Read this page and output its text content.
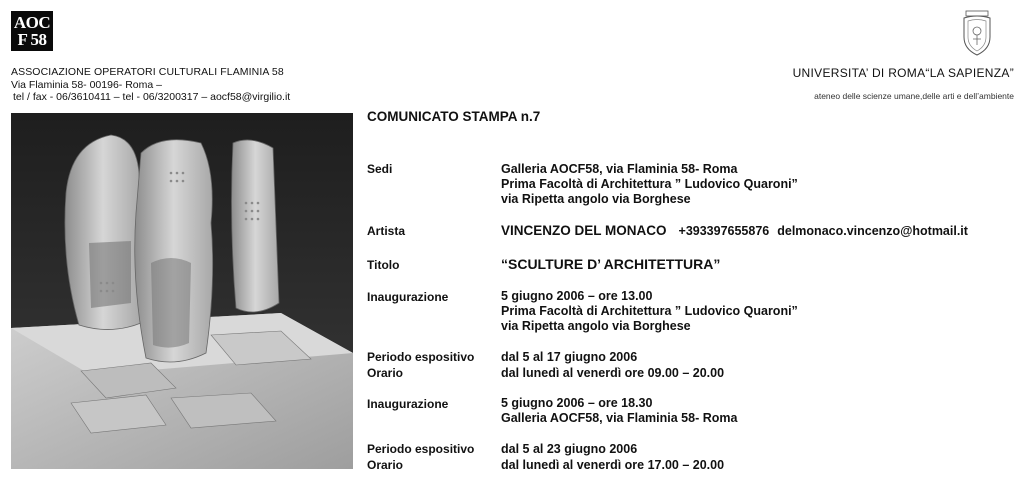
AOC
F 58
ASSOCIAZIONE OPERATORI CULTURALI FLAMINIA 58
Via Flaminia 58- 00196- Roma –
tel / fax - 06/3610411 – tel - 06/3200317 – aocf58@virgilio.it
UNIVERSITA’ DI ROMA“LA SAPIENZA”
ateneo delle scienze umane,delle arti e dell’ambiente
COMUNICATO STAMPA n.7
Sedi	Galleria AOCF58, via Flaminia 58- Roma
Prima Facoltà di Architettura ” Ludovico Quaroni”
via Ripetta angolo via Borghese
Artista	VINCENZO DEL MONACO +393397655876 delmonaco.vincenzo@hotmail.it
Titolo	“SCULTURE D’ ARCHITETTURA”
Inaugurazione	5 giugno 2006 – ore 13.00
Prima Facoltà di Architettura ” Ludovico Quaroni”
via Ripetta angolo via Borghese
Periodo espositivo dal 5 al 17 giugno 2006
Orario	dal lunedì al venerdì ore 09.00 – 20.00
Inaugurazione	5 giugno 2006 – ore 18.30
Galleria AOCF58, via Flaminia 58- Roma
Periodo espositivo dal 5 al 23 giugno 2006
Orario	dal lunedì al venerdì ore 17.00 – 20.00
